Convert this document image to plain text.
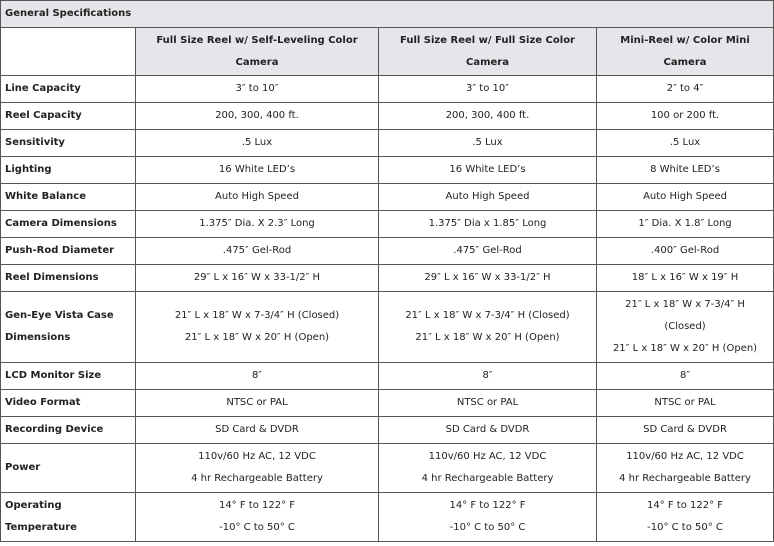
General Specifications			
	Full Size Reel w/ Self-Leveling Color Camera	Full Size Reel w/ Full Size Color Camera	Mini-Reel w/ Color Mini Camera
Line Capacity	3″ to 10″	3″ to 10″	2″ to 4″

Reel Capacity	200, 300, 400 ft.	200, 300, 400 ft.	100 or 200 ft.

Sensitivity	.5 Lux	.5 Lux	.5 Lux

Lighting	16 White LED’s	16 White LED’s	8 White LED’s

White Balance	Auto High Speed	Auto High Speed	Auto High Speed

Camera Dimensions	1.375″ Dia. X 2.3″ Long	1.375″ Dia x 1.85″ Long	1″ Dia. X 1.8″ Long

Push-Rod Diameter	.475″ Gel-Rod	.475″ Gel-Rod	.400″ Gel-Rod

Reel Dimensions	29″ L x 16″ W x 33-1/2″ H	29″ L x 16″ W x 33-1/2″ H	18″ L x 16″ W x 19″ H

Gen-Eye Vista Case Dimensions	21″ L x 18″ W x 7-3/4″ H (Closed)
21″ L x 18″ W x 20″ H (Open)	21″ L x 18″ W x 7-3/4″ H (Closed)
21″ L x 18″ W x 20″ H (Open)	21″ L x 18″ W x 7-3/4″ H
(Closed)
21″ L x 18″ W x 20″ H (Open)

LCD Monitor Size	8″	8″	8″

Video Format	NTSC or PAL	NTSC or PAL	NTSC or PAL

Recording Device	SD Card & DVDR	SD Card & DVDR	SD Card & DVDR

Power	110v/60 Hz AC, 12 VDC
4 hr Rechargeable Battery	110v/60 Hz AC, 12 VDC
4 hr Rechargeable Battery	110v/60 Hz AC, 12 VDC
4 hr Rechargeable Battery

Operating Temperature	14° F to 122° F
-10° C to 50° C	14° F to 122° F
-10° C to 50° C	14° F to 122° F
-10° C to 50° C
